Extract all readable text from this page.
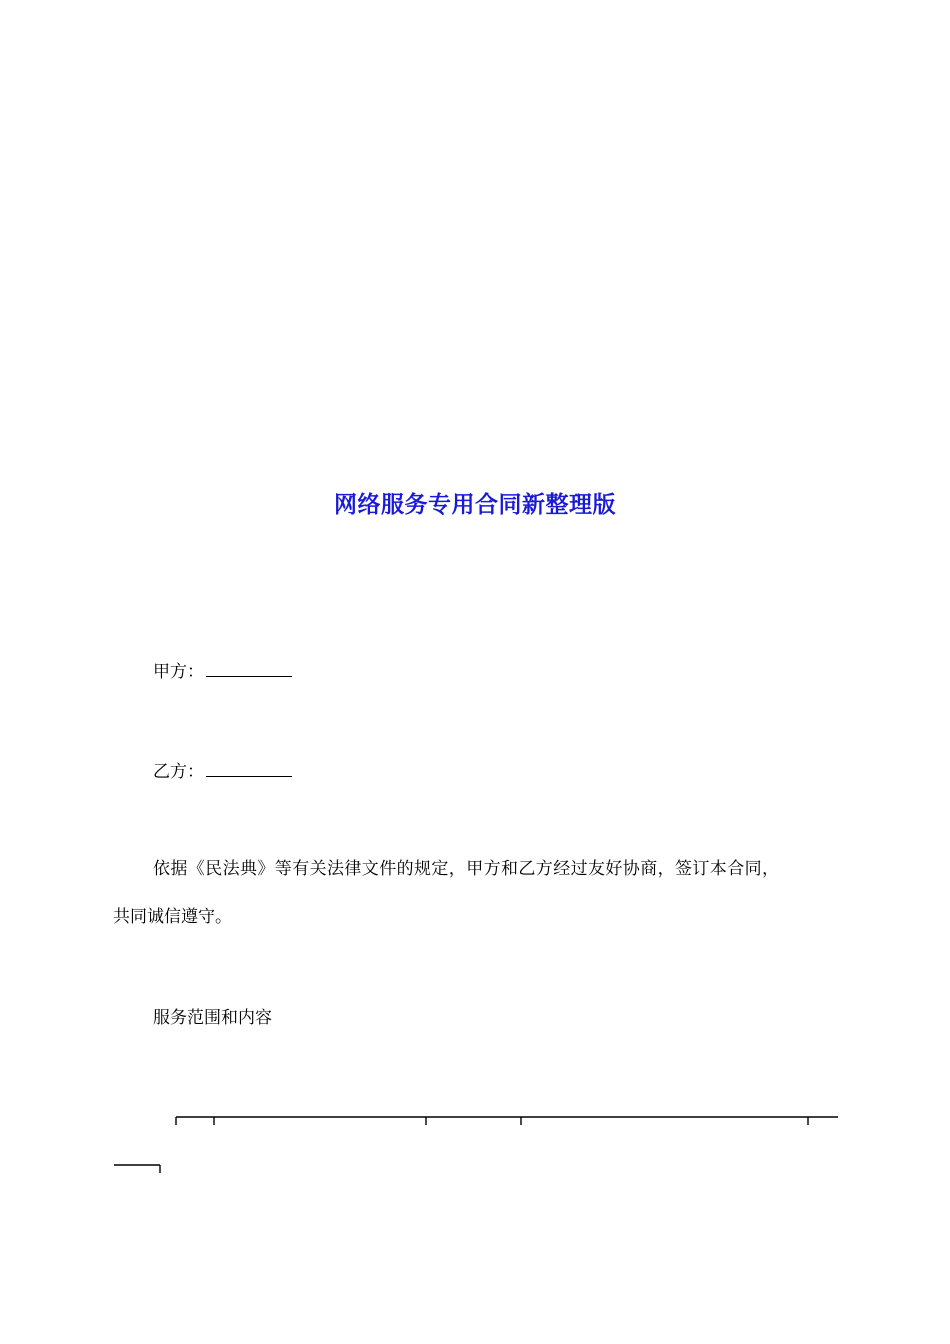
网络服务专用合同新整理版
甲方：
乙方：
依据《民法典》等有关法律文件的规定，甲方和乙方经过友好协商，签订本合同，
共同诚信遵守。
服务范围和内容
